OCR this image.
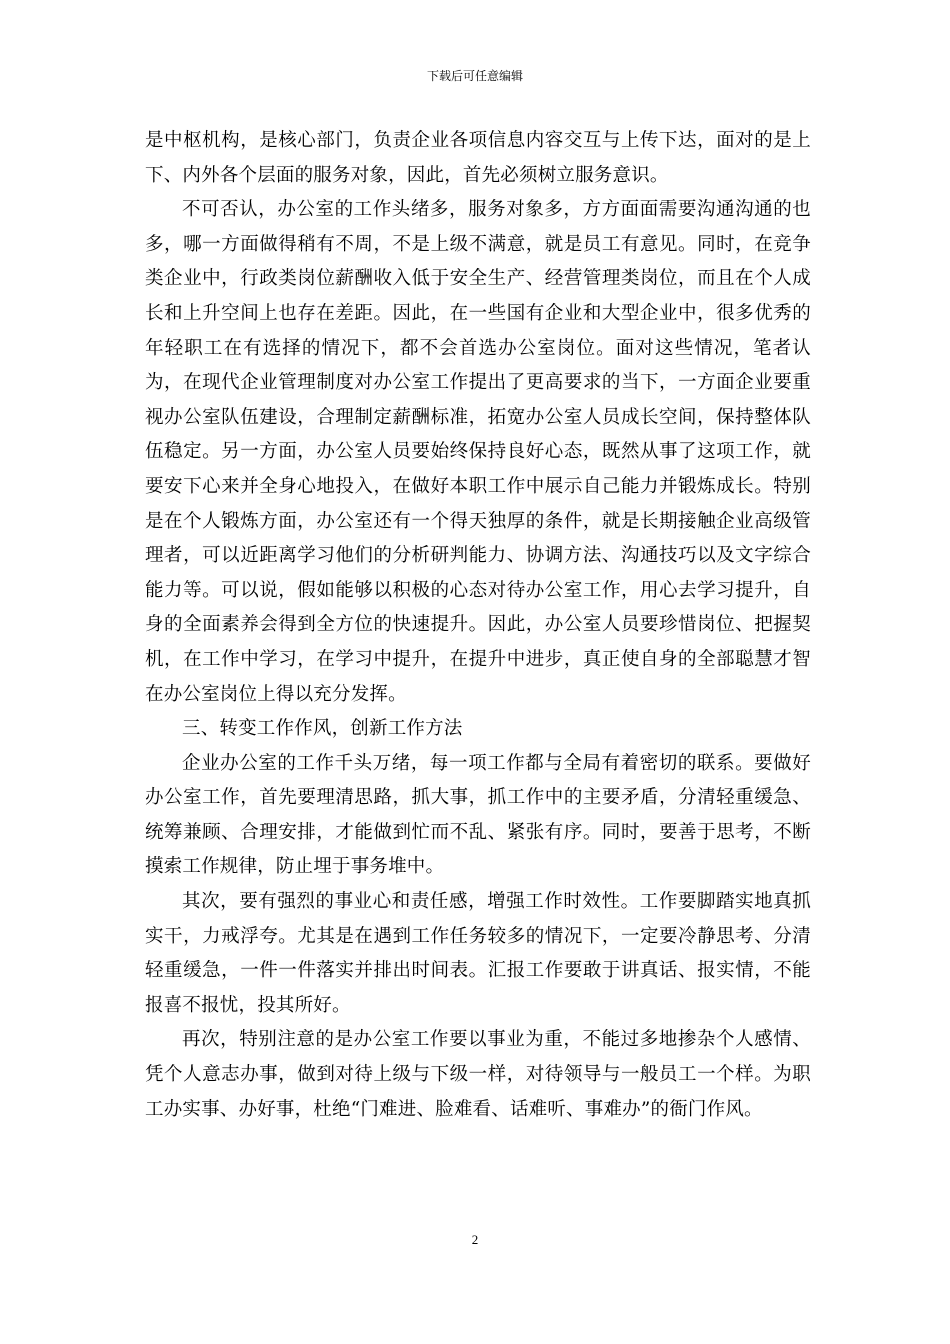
下载后可任意编辑

是中枢机构，是核心部门，负责企业各项信息内容交互与上传下达，面对的是上下、内外各个层面的服务对象，因此，首先必须树立服务意识。

不可否认，办公室的工作头绪多，服务对象多，方方面面需要沟通沟通的也多，哪一方面做得稍有不周，不是上级不满意，就是员工有意见。同时，在竞争类企业中，行政类岗位薪酬收入低于安全生产、经营管理类岗位，而且在个人成长和上升空间上也存在差距。因此，在一些国有企业和大型企业中，很多优秀的年轻职工在有选择的情况下，都不会首选办公室岗位。面对这些情况，笔者认为，在现代企业管理制度对办公室工作提出了更高要求的当下，一方面企业要重视办公室队伍建设，合理制定薪酬标准，拓宽办公室人员成长空间，保持整体队伍稳定。另一方面，办公室人员要始终保持良好心态，既然从事了这项工作，就要安下心来并全身心地投入，在做好本职工作中展示自己能力并锻炼成长。特别是在个人锻炼方面，办公室还有一个得天独厚的条件，就是长期接触企业高级管理者，可以近距离学习他们的分析研判能力、协调方法、沟通技巧以及文字综合能力等。可以说，假如能够以积极的心态对待办公室工作，用心去学习提升，自身的全面素养会得到全方位的快速提升。因此，办公室人员要珍惜岗位、把握契机，在工作中学习，在学习中提升，在提升中进步，真正使自身的全部聪慧才智在办公室岗位上得以充分发挥。

三、转变工作作风，创新工作方法

企业办公室的工作千头万绪，每一项工作都与全局有着密切的联系。要做好办公室工作，首先要理清思路，抓大事，抓工作中的主要矛盾，分清轻重缓急、统筹兼顾、合理安排，才能做到忙而不乱、紧张有序。同时，要善于思考，不断摸索工作规律，防止埋于事务堆中。

其次，要有强烈的事业心和责任感，增强工作时效性。工作要脚踏实地真抓实干，力戒浮夸。尤其是在遇到工作任务较多的情况下，一定要冷静思考、分清轻重缓急，一件一件落实并排出时间表。汇报工作要敢于讲真话、报实情，不能报喜不报忧，投其所好。

再次，特别注意的是办公室工作要以事业为重，不能过多地掺杂个人感情、凭个人意志办事，做到对待上级与下级一样，对待领导与一般员工一个样。为职工办实事、办好事，杜绝“门难进、脸难看、话难听、事难办”的衙门作风。

2
